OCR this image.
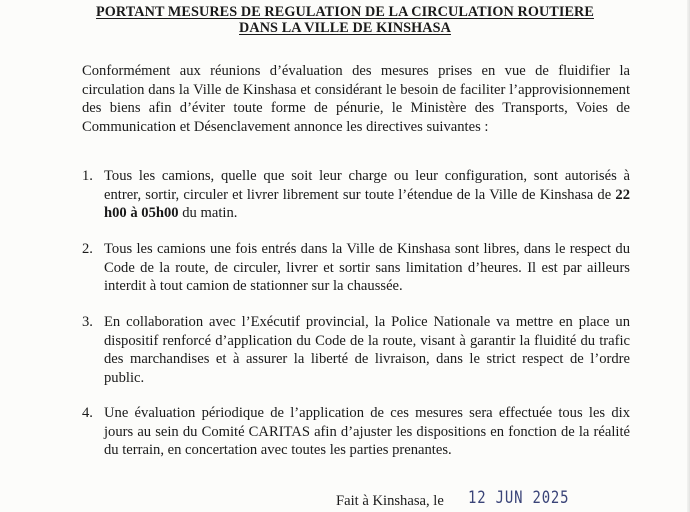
PORTANT MESURES DE REGULATION DE LA CIRCULATION ROUTIERE
DANS LA VILLE DE KINSHASA
Conformément aux réunions d’évaluation des mesures prises en vue de fluidifier la circulation dans la Ville de Kinshasa et considérant le besoin de faciliter l’approvisionnement des biens afin d’éviter toute forme de pénurie, le Ministère des Transports, Voies de Communication et Désenclavement annonce les directives suivantes :
1. Tous les camions, quelle que soit leur charge ou leur configuration, sont autorisés à entrer, sortir, circuler et livrer librement sur toute l’étendue de la Ville de Kinshasa de 22 h00 à 05h00 du matin.
2. Tous les camions une fois entrés dans la Ville de Kinshasa sont libres, dans le respect du Code de la route, de circuler, livrer et sortir sans limitation d’heures. Il est par ailleurs interdit à tout camion de stationner sur la chaussée.
3. En collaboration avec l’Exécutif provincial, la Police Nationale va mettre en place un dispositif renforcé d’application du Code de la route, visant à garantir la fluidité du trafic des marchandises et à assurer la liberté de livraison, dans le strict respect de l’ordre public.
4. Une évaluation périodique de l’application de ces mesures sera effectuée tous les dix jours au sein du Comité CARITAS afin d’ajuster les dispositions en fonction de la réalité du terrain, en concertation avec toutes les parties prenantes.
Fait à Kinshasa, le 12 JUN 2025
